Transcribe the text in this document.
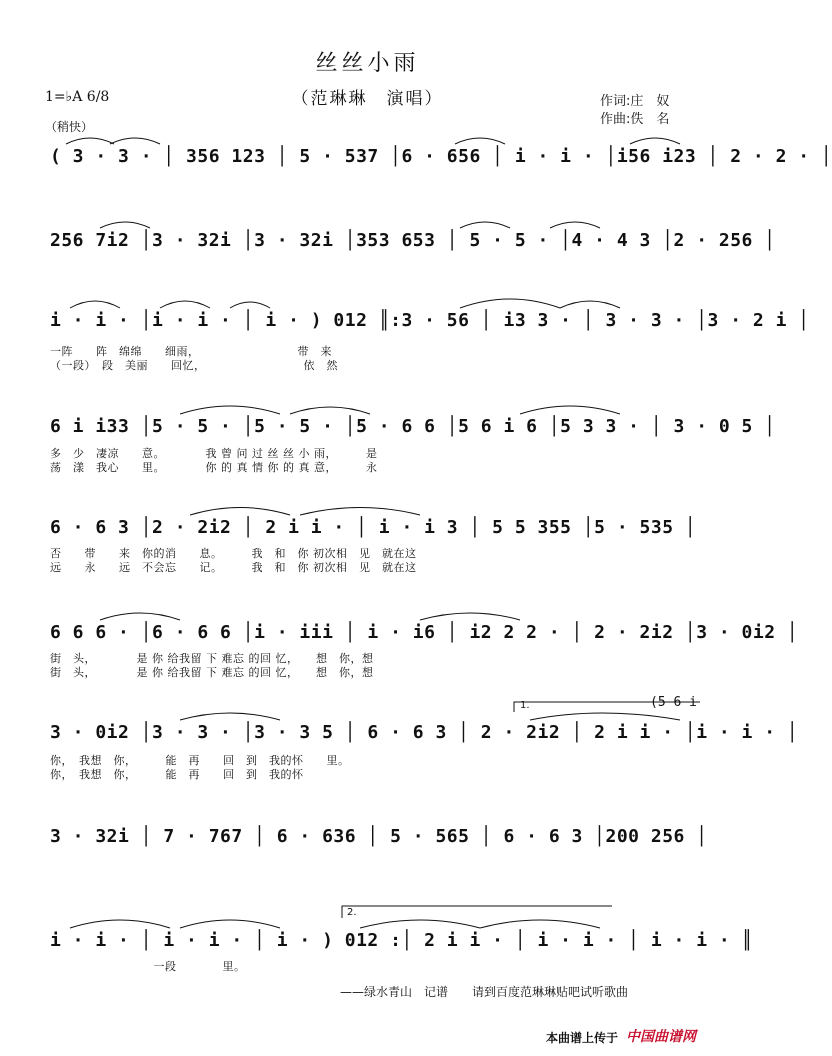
丝丝小雨
（范琳琳　演唱）	作词:庄　奴
作曲:佚　名
1=♭A 6/8
（稍快）
( 3 · 3 · │ 356 123 │ 5 · 537 │6 · 656 │ i · i · │i56 i23 │ 2 · 2 · │
256 7i2 │3 · 32i │3 · 32i │353 653 │ 5 · 5 · │4 · 4 3 │2 · 256 │
i · i · │i · i · │ i · ) 012 ║:3 · 56 │ i3 3 · │ 3 · 3 · │3 · 2 i │
一阵　　阵　绵绵　　细雨，　　　　　　　　　带　来
（一段）　段　美丽　　回忆，　　　　　　　　　依　然
6 i i33 │5 · 5 · │5 · 5 · │5 · 6 6 │5 6 i 6 │5 3 3 · │ 3 · 0 5 │
多　少　凄凉　　意。　　　　我 曾 问 过 丝 丝 小 雨，　　　是
荡　漾　我心　　里。　　　　你 的 真 情 你 的 真 意，　　　永
6 · 6 3 │2 · 2i2 │ 2 i i · │ i · i 3 │ 5 5 355 │5 · 535 │
否　　带　　来　你的消　　息。　　　我　和　你 初次相　见　就在这
远　　永　　远　不会忘　　记。　　　我　和　你 初次相　见　就在这
6 6 6 · │6 · 6 6 │i · iii │ i · i6 │ i2 2 2 · │ 2 · 2i2 │3 · 0i2 │
街　头，　　　　是 你 给我留 下 难忘 的回 忆，　　想　你，想
街　头，　　　　是 你 给我留 下 难忘 的回 忆，　　想　你，想
1.	(5 6 i
3 · 0i2 │3 · 3 · │3 · 3 5 │ 6 · 6 3 │ 2 · 2i2 │ 2 i i · │i · i · │
你，　我想　你，　　　能　再　　回　到　我的怀　　里。
你，　我想　你，　　　能　再　　回　到　我的怀
3 · 32i │ 7 · 767 │ 6 · 636 │ 5 · 565 │ 6 · 6 3 │200 256 │
2.
i · i · │ i · i · │ i · ) 012 :│ 2 i i · │ i · i · │ i · i · ║
　　　　　　　　　一段　　　　里。
——绿水青山　记谱　　请到百度范琳琳贴吧试听歌曲
本曲谱上传于 中国曲谱网
